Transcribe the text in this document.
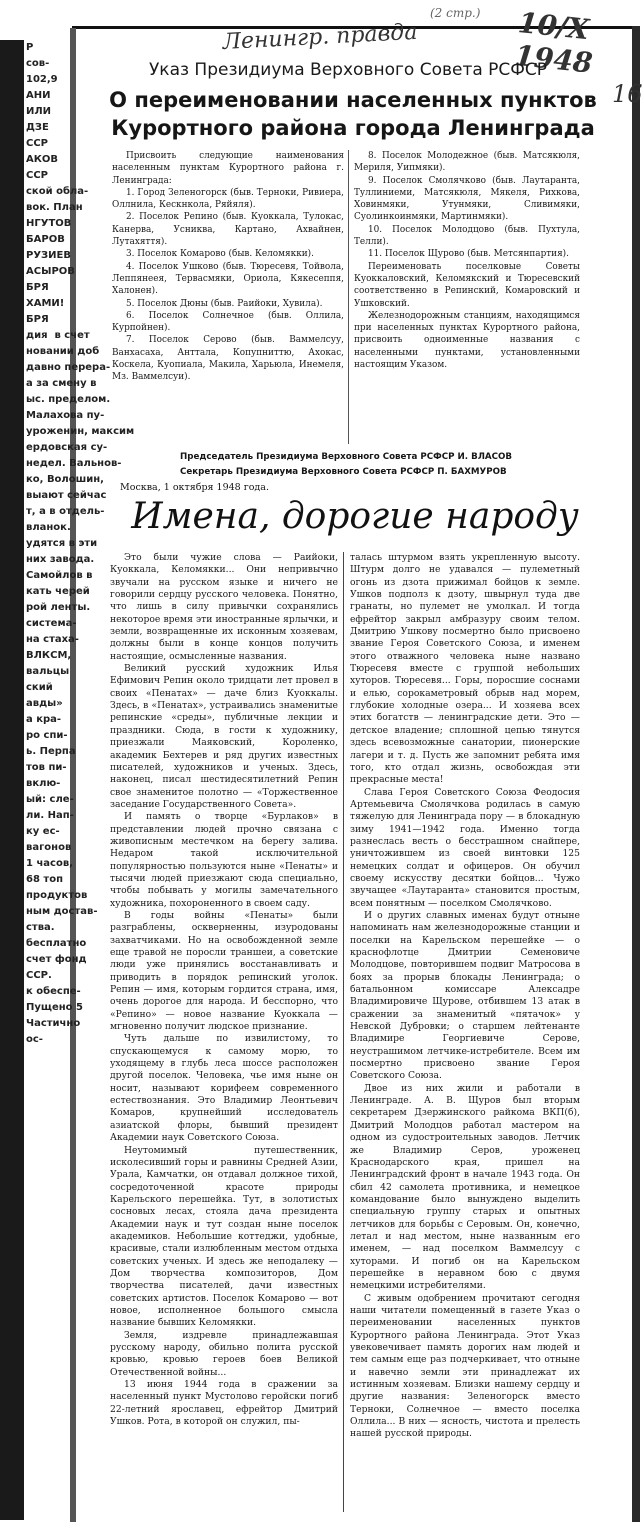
Ленингр. правда	10/X 1948
16
(2 стр.)
P
сов-
102,9
АНИ
ИЛИ
ДЗЕ
ССР
АКОВ
ССР
ской обла-
вок. План
НГУТОВ
БАРОВ
РУЗИЕВ
АСЫРОВ
БРЯ
ХАМИ!
БРЯ
дия  в счет
новании доб
давно перера-
а за смену в
ыс. пределом.
Малахова пу-
уроженин, максим
ердовская су-
недел. Вальнов-
ко, Волошин,
выают сейчас
т, а в отдель-
вланок.
удятся в эти
них завода.
Самойлов в
кать черей
рой ленты.
система-
на стаха-
ВЛКСМ,
вальцы
ский
авды»
а кра-
ро спи-
ь. Перпа
тов пи-
вклю-
ый: сле-
ли. Нап-
ку ес-
вагонов
1 часов,
68 топ
продуктов
ным достав-
ства.
бесплатно
счет фонд
ССР.
к обеспе-
Пущено 5
Частично
ос-
Указ Президиума Верховного Совета РСФСР
О переименовании населенных пунктов
Курортного района города Ленинграда

Присвоить следующие наименования населенным пунктам Курортного района г. Ленинграда:

1. Город Зеленогорск (быв. Терноки, Ривиера, Оллнила, Кескнкола, Ряйяля).

2. Поселок Репино (быв. Куоккала, Тулокас, Канерва, Усниква, Картано, Ахвайнен, Лутахяття).

3. Поселок Комарово (быв. Келомякки).

4. Поселок Ушково (быв. Тюресевя, Тойвола, Леппянеея, Тервасмяки, Ориола, Кякесеппя, Халонен).

5. Поселок Дюны (быв. Раийоки, Хувила).

6. Поселок Солнечное (быв. Оллила, Курпойнен).

7. Поселок Серово (быв. Ваммелсуу, Ванхасаха, Анттала, Копупниттю, Ахокас, Коскела, Куопиала, Макила, Харьюла, Инемеля, Мз. Ваммелсуи).

8. Поселок Молодежное (быв. Матсякюля, Мериля, Уипмяки).

9. Поселок Смолячково (быв. Лаутаранта, Туллиниеми, Матсякюля, Мякеля, Рихкова, Ховинмяки, Утунмяки, Сливимяки, Суолинкоинмяки, Мартинмяки).

10. Поселок Молодцово (быв. Пухтула, Телли).

11. Поселок Щурово (быв. Метсянпартия).

Переименовать поселковые Советы Куоккаловский, Келомякский и Тюресевский соответственно в Репинский, Комаровский и Ушковский.

Железнодорожным станциям, находящимся при населенных пунктах Курортного района, присвоить одноименные названия с населенными пунктами, установленными настоящим Указом.

Председатель Президиума Верховного Совета РСФСР И. ВЛАСОВ
Секретарь Президиума Верховного Совета РСФСР П. БАХМУРОВ
Москва, 1 октября 1948 года.
Имена, дорогие народу

Это были чужие слова — Раийоки, Куоккала, Келомякки... Они непривычно звучали на русском языке и ничего не говорили сердцу русского человека. Понятно, что лишь в силу привычки сохранялись некоторое время эти иностранные ярлычки, и земли, возвращенные их исконным хозяевам, должны были в конце концов получить настоящие, осмысленные названия.

Великий русский художник Илья Ефимович Репин около тридцати лет провел в своих «Пенатах» — даче близ Куоккалы. Здесь, в «Пенатах», устраивались знаменитые репинские «среды», публичные лекции и праздники. Сюда, в гости к художнику, приезжали Маяковский, Короленко, академик Бехтерев и ряд других известных писателей, художников и ученых. Здесь, наконец, писал шестидесятилетний Репин свое знаменитое полотно — «Торжественное заседание Государственного Совета».

И память о творце «Бурлаков» в представлении людей прочно связана с живописным местечком на берегу залива. Недаром такой исключительной популярностью пользуются ныне «Пенаты» и тысячи людей приезжают сюда специально, чтобы побывать у могилы замечательного художника, похороненного в своем саду.

В годы войны «Пенаты» были разграблены, оскверненны, изуродованы захватчиками. Но на освобожденной земле еще травой не поросли траншеи, а советские люди уже принялись восстанавливать и приводить в порядок репинский уголок. Репин — имя, которым гордится страна, имя, очень дорогое для народа. И бесспорно, что «Репино» — новое название Куоккала — мгновенно получит людское признание.

Чуть дальше по извилистому, то спускающемуся к самому морю, то уходящему в глубь леса шоссе расположен другой поселок. Человека, чье имя ныне он носит, называют корифеем современного естествознания. Это Владимир Леонтьевич Комаров, крупнейший исследователь азиатской флоры, бывший президент Академии наук Советского Союза.

Неутомимый путешественник, исколесивший горы и равнины Средней Азии, Урала, Камчатки, он отдавал должное тихой, сосредоточенной красоте природы Карельского перешейка. Тут, в золотистых сосновых лесах, стояла дача президента Академии наук и тут создан ныне поселок академиков. Небольшие коттеджи, удобные, красивые, стали излюбленным местом отдыха советских ученых. И здесь же неподалеку — Дом творчества композиторов, Дом творчества писателей, дачи известных советских артистов. Поселок Комарово — вот новое, исполненное большого смысла название бывших Келомякки.

Земля, издревле принадлежавшая русскому народу, обильно полита русской кровью, кровью героев боев Великой Отечественной войны...

13 июня 1944 года в сражении за населенный пункт Мустолово геройски погиб 22-летний ярославец, ефрейтор Дмитрий Ушков. Рота, в которой он служил, пы-

талась штурмом взять укрепленную высоту. Штурм долго не удавался — пулеметный огонь из дзота прижимал бойцов к земле. Ушков подполз к дзоту, швырнул туда две гранаты, но пулемет не умолкал. И тогда ефрейтор закрыл амбразуру своим телом. Дмитрию Ушкову посмертно было присвоено звание Героя Советского Союза, и именем этого отважного человека ныне названо Тюресевя вместе с группой небольших хуторов. Тюресевя... Горы, поросшие соснами и елью, сорокаметровый обрыв над морем, глубокие холодные озера... И хозяева всех этих богатств — ленинградские дети. Это — детское владение; сплошной цепью тянутся здесь всевозможные санатории, пионерские лагери и т. д. Пусть же запомнит ребята имя того, кто отдал жизнь, освобождая эти прекрасные места!

Слава Героя Советского Союза Феодосия Артемьевича Смолячкова родилась в самую тяжелую для Ленинграда пору — в блокадную зиму 1941—1942 года. Именно тогда разнеслась весть о бесстрашном снайпере, уничтожившем из своей винтовки 125 немецких солдат и офицеров. Он обучил своему искусству десятки бойцов... Чужо звучащее «Лаутаранта» становится простым, всем понятным — поселком Смолячково.

И о других славных именах будут отныне напоминать нам железнодорожные станции и поселки на Карельском перешейке — о краснофлотце Дмитрии Семеновиче Молодцове, повторившем подвиг Матросова в боях за прорыв блокады Ленинграда; о батальонном комиссаре Алексадре Владимировиче Щурове, отбившем 13 атак в сражении за знаменитый «пятачок» у Невской Дубровки; о старшем лейтенанте Владимире Георгиевиче Серове, неустрашимом летчике-истребителе. Всем им посмертно присвоено звание Героя Советского Союза.

Двое из них жили и работали в Ленинграде. А. В. Щуров был вторым секретарем Дзержинского райкома ВКП(б), Дмитрий Молодцов работал мастером на одном из судостроительных заводов. Летчик же Владимир Серов, уроженец Краснодарского края, пришел на Ленинградский фронт в начале 1943 года. Он сбил 42 самолета противника, и немецкое командование было вынуждено выделить специальную группу старых и опытных летчиков для борьбы с Серовым. Он, конечно, летал и над местом, ныне названным его именем, — над поселком Ваммелсуу с хуторами. И погиб он на Карельском перешейке в неравном бою с двумя немецкими истребителями.

С живым одобрением прочитают сегодня наши читатели помещенный в газете Указ о переименовании населенных пунктов Курортного района Ленинграда. Этот Указ увековечивает память дорогих нам людей и тем самым еще раз подчеркивает, что отныне и навечно земли эти принадлежат их истинным хозяевам. Близки нашему сердцу и другие названия: Зеленогорск вместо Терноки, Солнечное — вместо поселка Оллила... В них — ясность, чистота и прелесть нашей русской природы.
